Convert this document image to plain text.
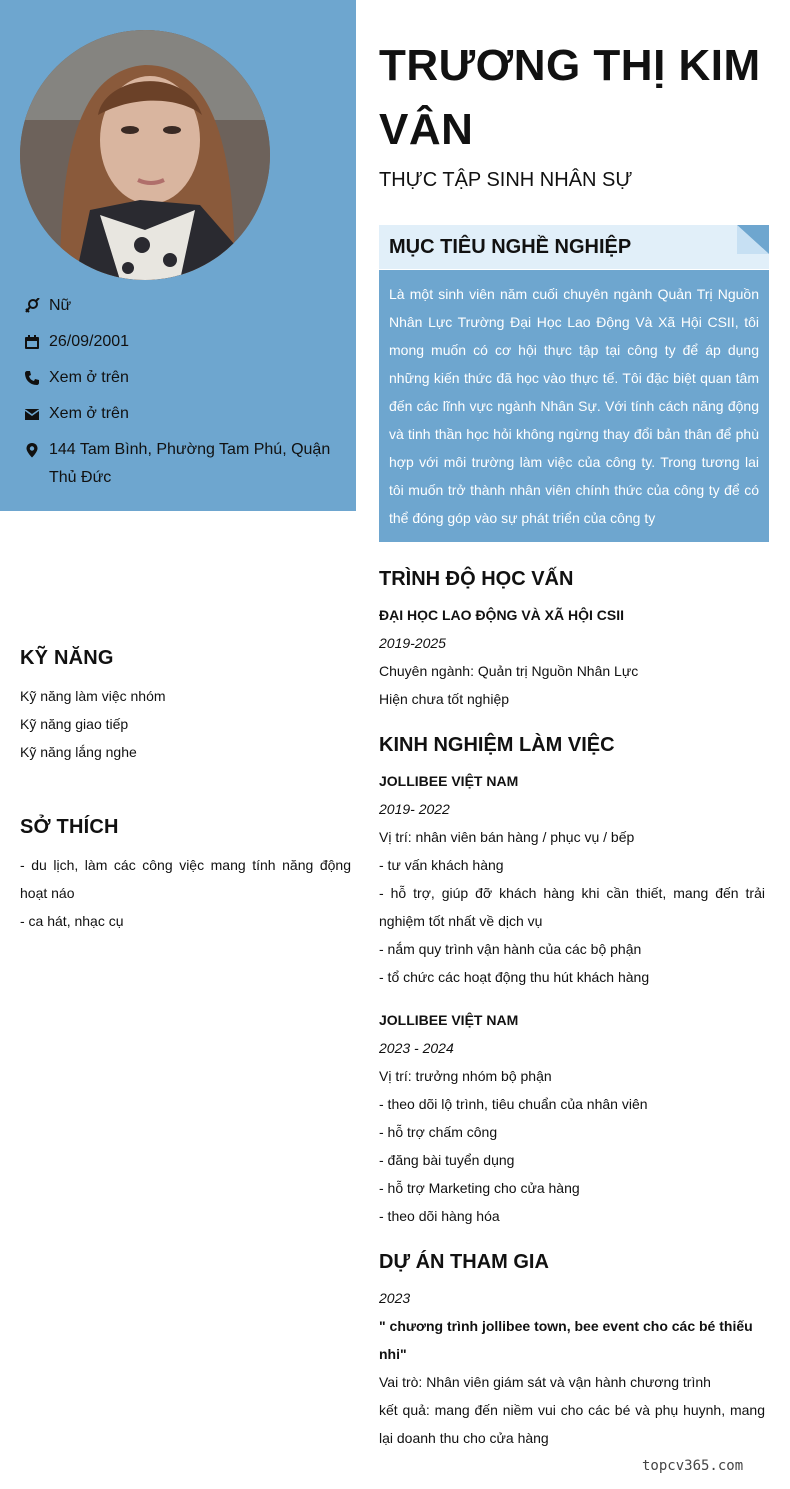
Nữ
26/09/2001
Xem ở trên
Xem ở trên
144 Tam Bình, Phường Tam Phú, Quận Thủ Đức
KỸ NĂNG
Kỹ năng làm việc nhóm
Kỹ năng giao tiếp
Kỹ năng lắng nghe
SỞ THÍCH
- du lịch, làm các công việc mang tính năng động hoạt náo
- ca hát, nhạc cụ
TRƯƠNG THỊ KIM VÂN
THỰC TẬP SINH NHÂN SỰ
MỤC TIÊU NGHỀ NGHIỆP
Là một sinh viên năm cuối chuyên ngành Quản Trị Nguồn Nhân Lực Trường Đại Học Lao Động Và Xã Hội CSII, tôi mong muốn có cơ hội thực tập tại công ty để áp dụng những kiến thức đã học vào thực tế. Tôi đặc biệt quan tâm đến các lĩnh vực ngành Nhân Sự. Với tính cách năng động và tinh thần học hỏi không ngừng thay đổi bản thân để phù hợp với môi trường làm việc của công ty. Trong tương lai tôi muốn trở thành nhân viên chính thức của công ty để có thể đóng góp vào sự phát triển của công ty
TRÌNH ĐỘ HỌC VẤN
ĐẠI HỌC LAO ĐỘNG VÀ XÃ HỘI CSII
2019-2025
Chuyên ngành: Quản trị Nguồn Nhân Lực
Hiện chưa tốt nghiệp
KINH NGHIỆM LÀM VIỆC
JOLLIBEE VIỆT NAM
2019- 2022
Vị trí: nhân viên bán hàng / phục vụ / bếp
- tư vấn khách hàng
- hỗ trợ, giúp đỡ khách hàng khi cần thiết, mang đến trải nghiệm tốt nhất về dịch vụ
- nắm quy trình vận hành của các bộ phận
- tổ chức các hoạt động thu hút khách hàng
JOLLIBEE VIỆT NAM
2023 - 2024
Vị trí: trưởng nhóm bộ phận
- theo dõi lộ trình, tiêu chuẩn của nhân viên
- hỗ trợ chấm công
- đăng bài tuyển dụng
- hỗ trợ Marketing cho cửa hàng
- theo dõi hàng hóa
DỰ ÁN THAM GIA
2023
" chương trình jollibee town, bee event cho các bé thiếu nhi"
Vai trò: Nhân viên giám sát và vận hành chương trình
kết quả: mang đến niềm vui cho các bé và phụ huynh, mang lại doanh thu cho cửa hàng
topcv365.com
